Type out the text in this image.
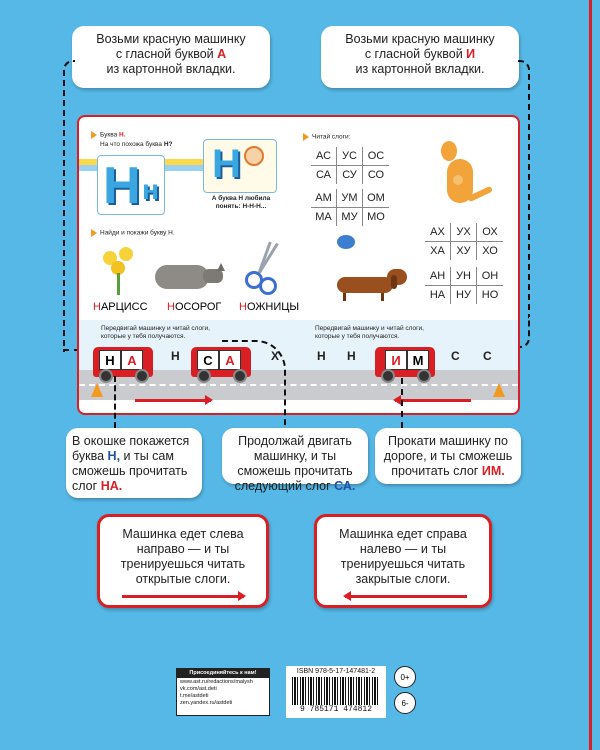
Возьми красную машинку
с гласной буквой А
из картонной вкладки.
Возьми красную машинку
с гласной буквой И
из картонной вкладки.
Буква Н.
На что похожа буква Н?
Н н
Н
А буква Н любила понять: Н-Н-Н...
Найди и покажи букву Н.
НАРЦИСС НОСОРОГ НОЖНИЦЫ
Читай слоги:
АС	УС ОС
СА	СУ	СО
АМ УМ ОМ
МА МУ МО
АХ	УХ	ОХ
ХА	ХУ	ХО
АН УН ОН
НА НУ НО
Передвигай машинку и читай слоги, которые у тебя получаются.
Передвигай машинку и читай слоги, которые у тебя получаются.
Н А	С А	И М
Н	Х	Н Н	С С
В окошке покажется буква Н, и ты сам сможешь прочитать слог НА.
Продолжай двигать машинку, и ты сможешь прочитать следующий слог СА.
Прокати машинку по дороге, и ты сможешь прочитать слог ИМ.
Машинка едет слева
направо — и ты
тренируешься читать
открытые слоги.
Машинка едет справа
налево — и ты
тренируешься читать
закрытые слоги.
Присоединяйтесь к нам!
www.ast.ru/redactions/malysh
vk.com/ast.deti
t.me/astdeti
zen.yandex.ru/astdeti
ISBN 978-5-17-147481-2
9 785171 474812
0+
6-
